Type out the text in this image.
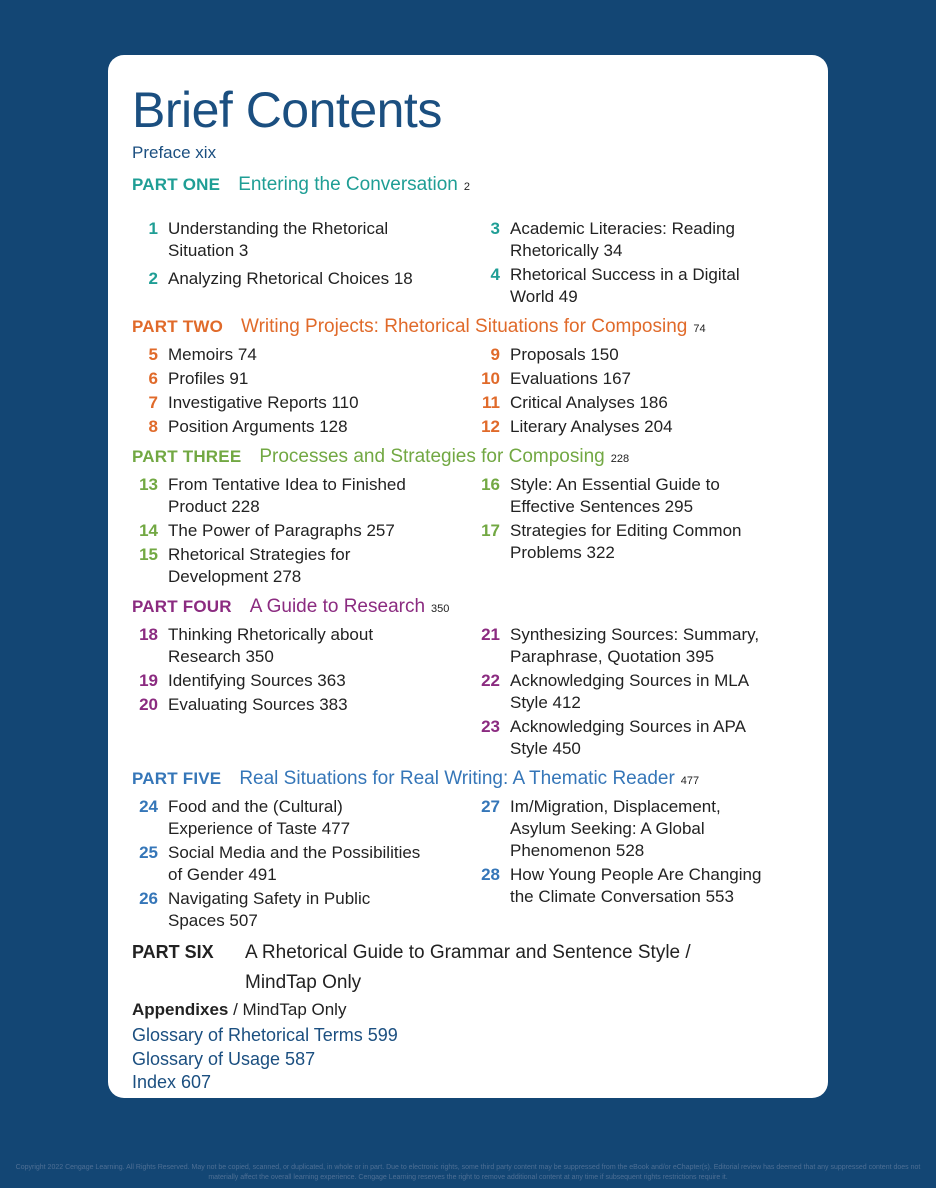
Brief Contents
Preface xix
PART ONE Entering the Conversation 2
1 Understanding the Rhetorical
Situation 3
2 Analyzing Rhetorical Choices 18
3 Academic Literacies: Reading
Rhetorically 34
4 Rhetorical Success in a Digital
World 49
PART TWO Writing Projects: Rhetorical Situations for Composing 74
5 Memoirs 74
6 Profiles 91
7 Investigative Reports 110
8 Position Arguments 128
9 Proposals 150
10 Evaluations 167
11 Critical Analyses 186
12 Literary Analyses 204
PART THREE Processes and Strategies for Composing 228
13 From Tentative Idea to Finished
Product 228
14 The Power of Paragraphs 257
15 Rhetorical Strategies for
Development 278
16 Style: An Essential Guide to
Effective Sentences 295
17 Strategies for Editing Common
Problems 322
PART FOUR A Guide to Research 350
18 Thinking Rhetorically about
Research 350
19 Identifying Sources 363
20 Evaluating Sources 383
21 Synthesizing Sources: Summary,
Paraphrase, Quotation 395
22 Acknowledging Sources in MLA
Style 412
23 Acknowledging Sources in APA
Style 450
PART FIVE Real Situations for Real Writing: A Thematic Reader 477
24 Food and the (Cultural)
Experience of Taste 477
25 Social Media and the Possibilities
of Gender 491
26 Navigating Safety in Public
Spaces 507
27 Im/Migration, Displacement,
Asylum Seeking: A Global
Phenomenon 528
28 How Young People Are Changing
the Climate Conversation 553
PART SIX A Rhetorical Guide to Grammar and Sentence Style /
MindTap Only
Appendixes / MindTap Only
Glossary of Rhetorical Terms 599
Glossary of Usage 587
Index 607
Copyright 2022 Cengage Learning. All Rights Reserved. May not be copied, scanned, or duplicated, in whole or in part. Due to electronic rights, some third party content may be suppressed from the eBook and/or eChapter(s). Editorial review has deemed that any suppressed content does not materially affect the overall learning experience. Cengage Learning reserves the right to remove additional content at any time if subsequent rights restrictions require it.
